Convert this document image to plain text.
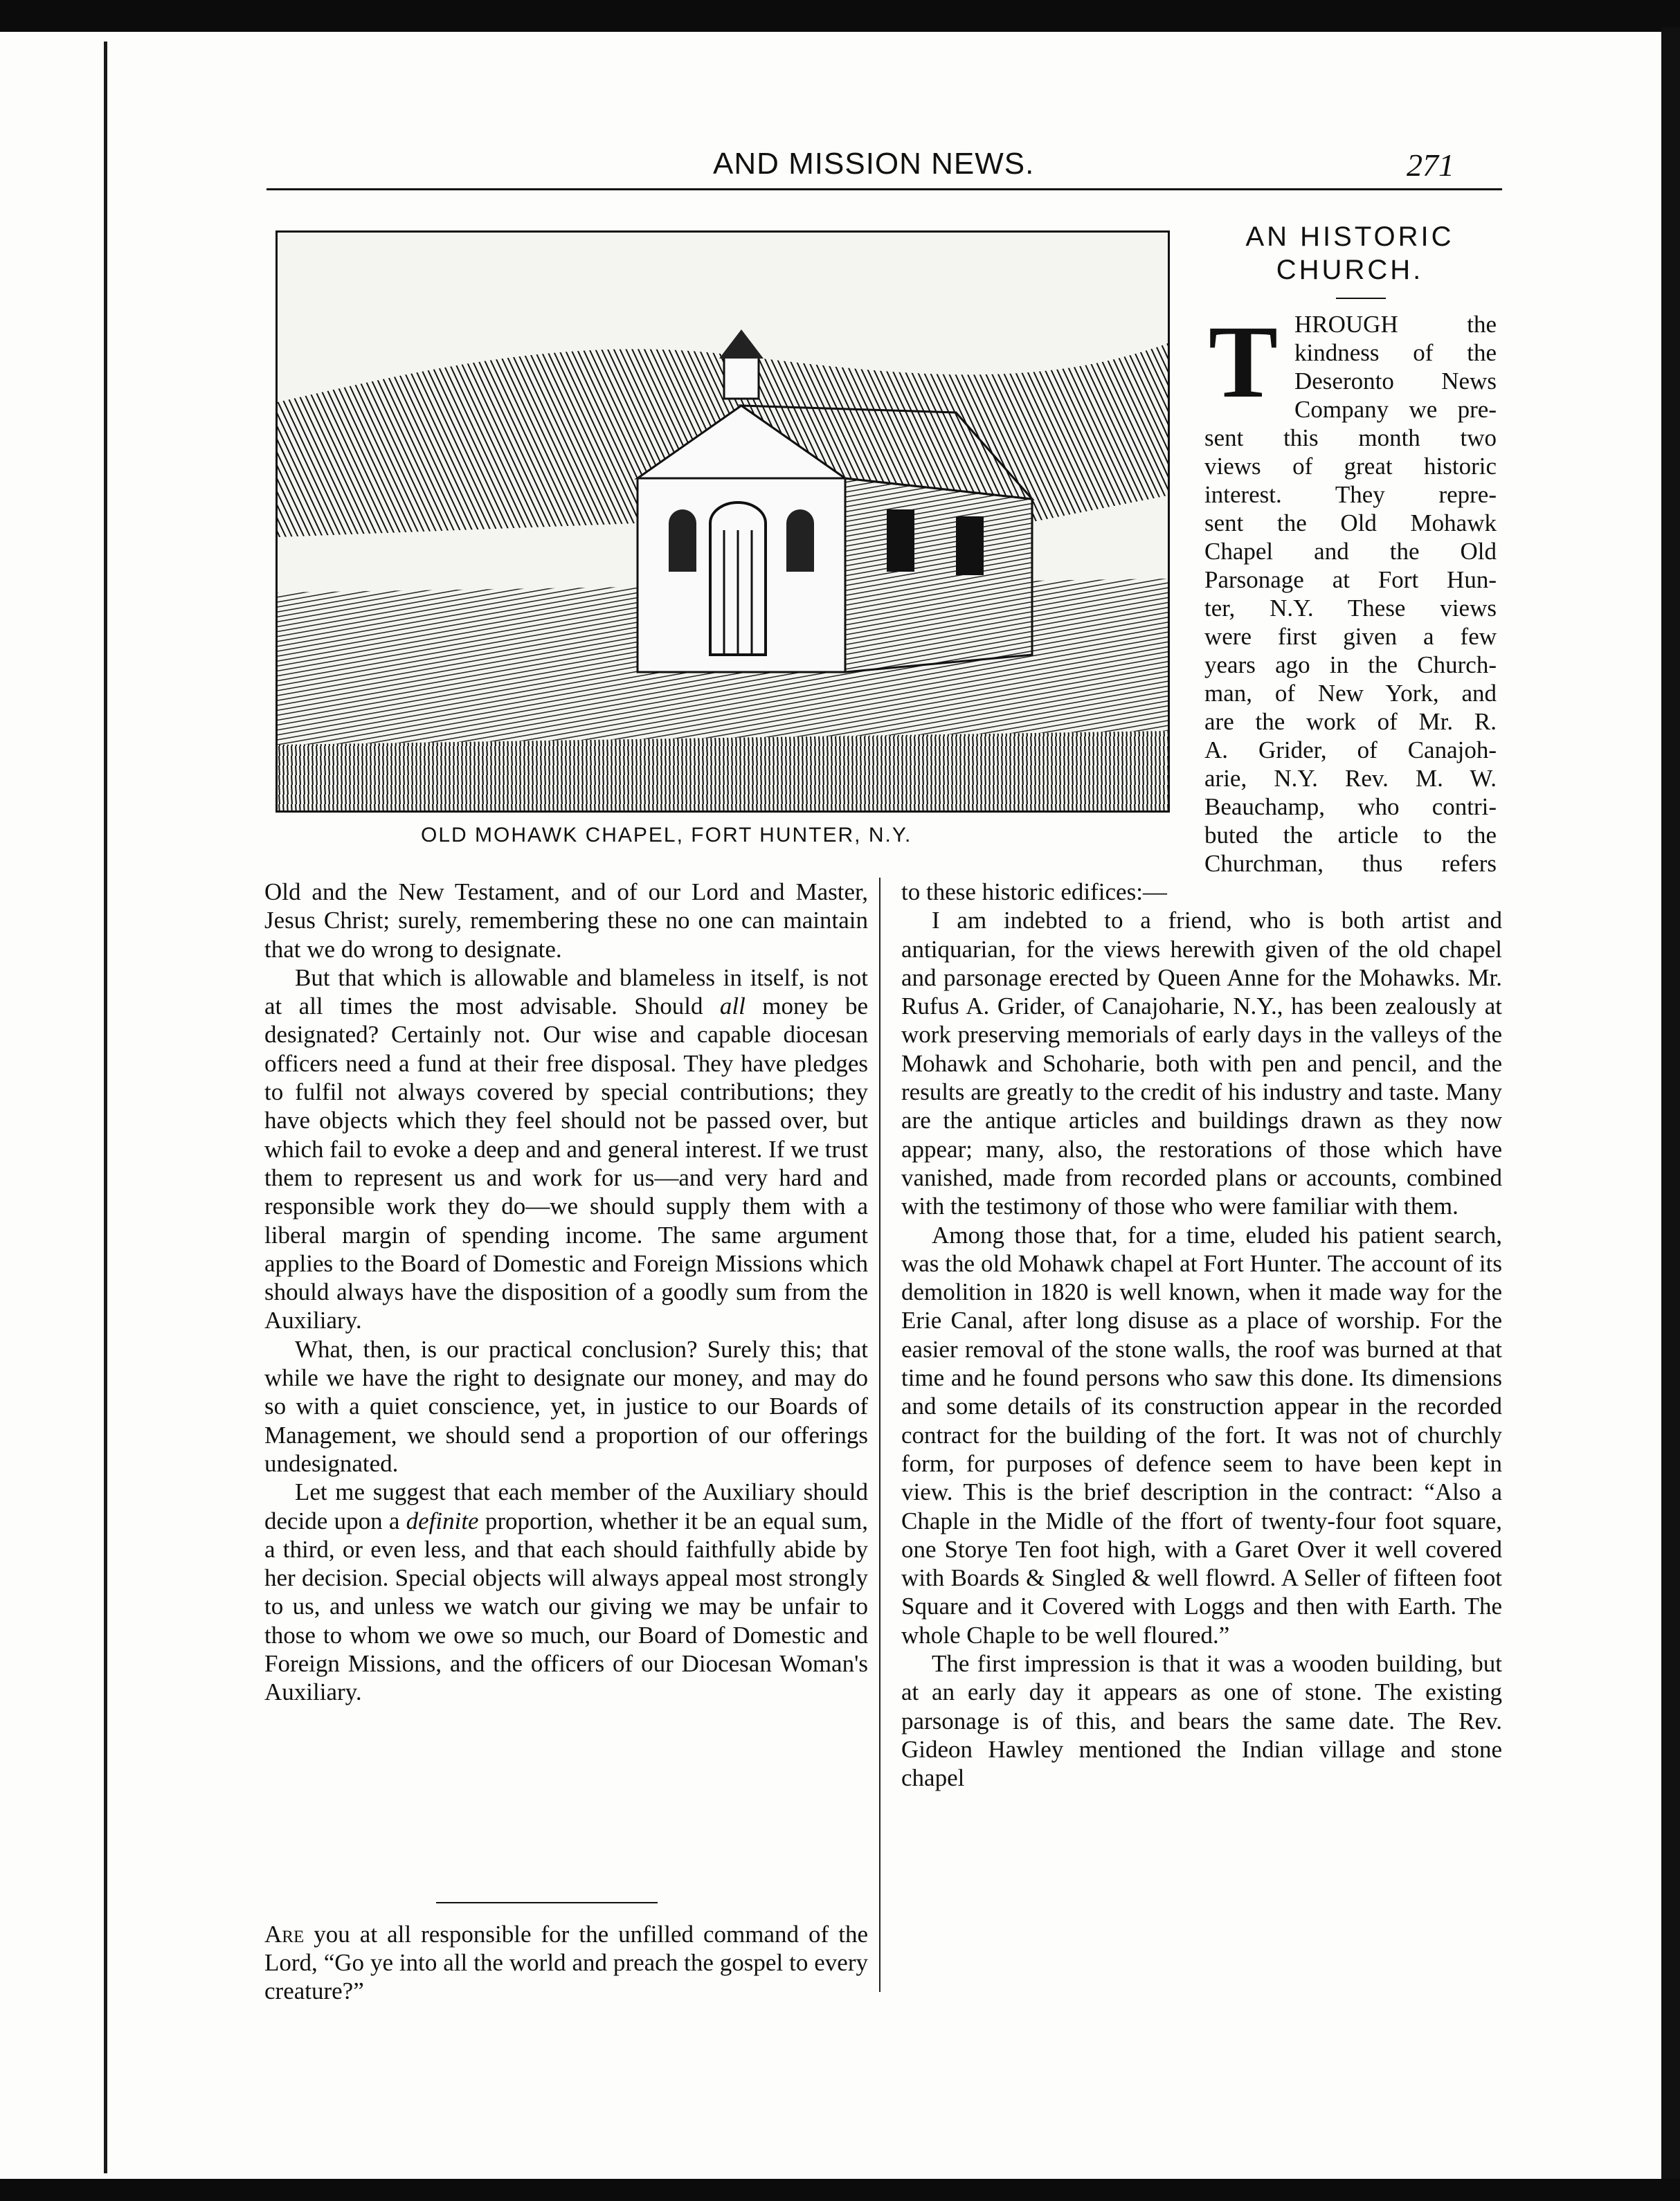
AND MISSION NEWS.	271
OLD MOHAWK CHAPEL, FORT HUNTER, N.Y.
AN HISTORIC
CHURCH.
T HROUGH the
kindness of the
Deseronto News
Company we pre-
sent this month two
views of great historic
interest. They repre-
sent the Old Mohawk
Chapel and the Old
Parsonage at Fort Hun-
ter, N.Y. These views
were first given a few
years ago in the Church-
man, of New York, and
are the work of Mr. R.
A. Grider, of Canajoh-
arie, N.Y. Rev. M. W.
Beauchamp, who contri-
buted the article to the
Churchman, thus refers

Old and the New Testament, and of our Lord and Master, Jesus Christ; surely, remembering these no one can maintain that we do wrong to designate.

But that which is allowable and blameless in itself, is not at all times the most advisable. Should all money be designated? Certainly not. Our wise and capable diocesan officers need a fund at their free disposal. They have pledges to fulfil not always covered by special contributions; they have objects which they feel should not be passed over, but which fail to evoke a deep and and general interest. If we trust them to represent us and work for us—and very hard and responsible work they do—we should supply them with a liberal margin of spending income. The same argument applies to the Board of Domestic and Foreign Missions which should always have the disposition of a goodly sum from the Auxiliary.

What, then, is our practical conclusion? Surely this; that while we have the right to designate our money, and may do so with a quiet conscience, yet, in justice to our Boards of Management, we should send a proportion of our offerings undesignated.

Let me suggest that each member of the Auxiliary should decide upon a definite proportion, whether it be an equal sum, a third, or even less, and that each should faithfully abide by her decision. Special objects will always appeal most strongly to us, and unless we watch our giving we may be unfair to those to whom we owe so much, our Board of Domestic and Foreign Missions, and the officers of our Diocesan Woman's Auxiliary.

to these historic edifices:—

I am indebted to a friend, who is both artist and antiquarian, for the views herewith given of the old chapel and parsonage erected by Queen Anne for the Mohawks. Mr. Rufus A. Grider, of Canajoharie, N.Y., has been zealously at work preserving memorials of early days in the valleys of the Mohawk and Schoharie, both with pen and pencil, and the results are greatly to the credit of his industry and taste. Many are the antique articles and buildings drawn as they now appear; many, also, the restorations of those which have vanished, made from recorded plans or accounts, combined with the testimony of those who were familiar with them.

Among those that, for a time, eluded his patient search, was the old Mohawk chapel at Fort Hunter. The account of its demolition in 1820 is well known, when it made way for the Erie Canal, after long disuse as a place of worship. For the easier removal of the stone walls, the roof was burned at that time and he found persons who saw this done. Its dimensions and some details of its construction appear in the recorded contract for the building of the fort. It was not of churchly form, for purposes of defence seem to have been kept in view. This is the brief description in the contract: “Also a Chaple in the Midle of the ffort of twenty-four foot square, one Storye Ten foot high, with a Garet Over it well covered with Boards & Singled & well flowrd. A Seller of fifteen foot Square and it Covered with Loggs and then with Earth. The whole Chaple to be well floured.”

The first impression is that it was a wooden building, but at an early day it appears as one of stone. The existing parsonage is of this, and bears the same date. The Rev. Gideon Hawley mentioned the Indian village and stone chapel

Are you at all responsible for the unfilled command of the Lord, “Go ye into all the world and preach the gospel to every creature?”
